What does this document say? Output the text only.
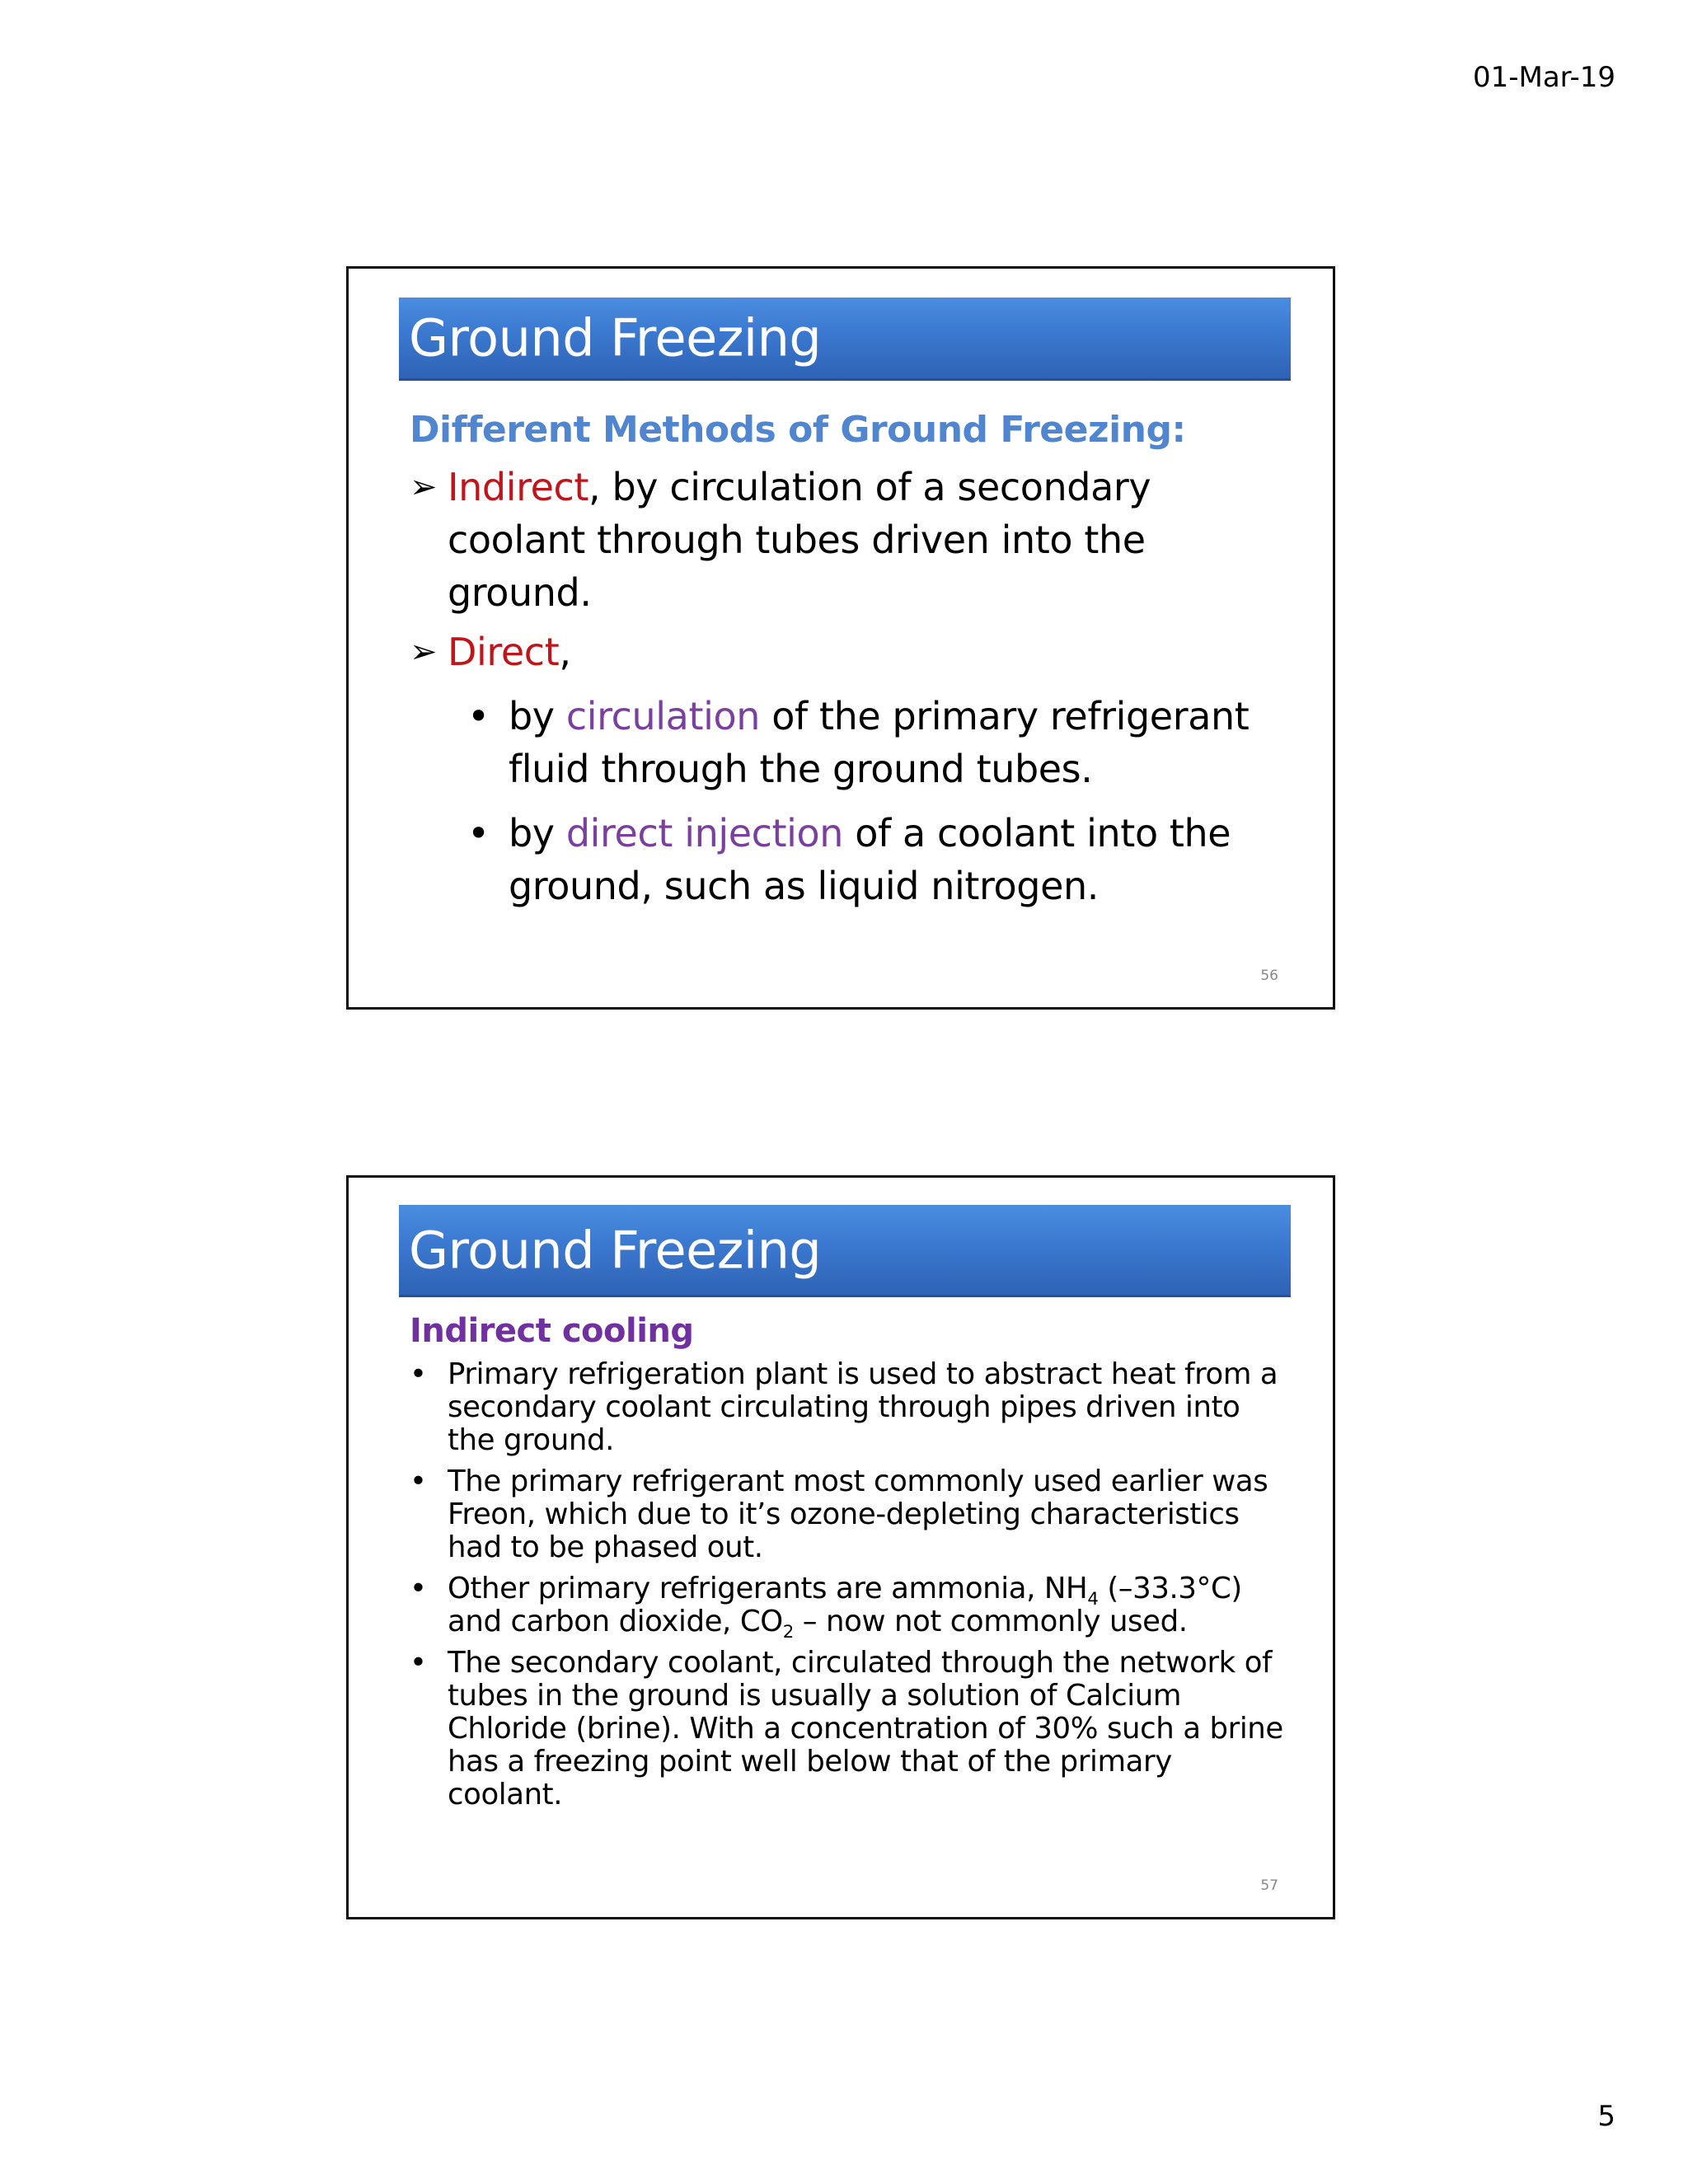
01-Mar-19
Ground Freezing
Different Methods of Ground Freezing:
➢ Indirect, by circulation of a secondary coolant through tubes driven into the ground.
➢ Direct,
• by circulation of the primary refrigerant fluid through the ground tubes.
• by direct injection of a coolant into the ground, such as liquid nitrogen.
56
Ground Freezing
Indirect cooling
• Primary refrigeration plant is used to abstract heat from a secondary coolant circulating through pipes driven into the ground.
• The primary refrigerant most commonly used earlier was Freon, which due to it’s ozone-depleting characteristics had to be phased out.
• Other primary refrigerants are ammonia, $NH_4$ (–33.3°C) and carbon dioxide, $CO_2$ – now not commonly used.
• The secondary coolant, circulated through the network of tubes in the ground is usually a solution of Calcium Chloride (brine). With a concentration of 30% such a brine has a freezing point well below that of the primary coolant.
57
5
